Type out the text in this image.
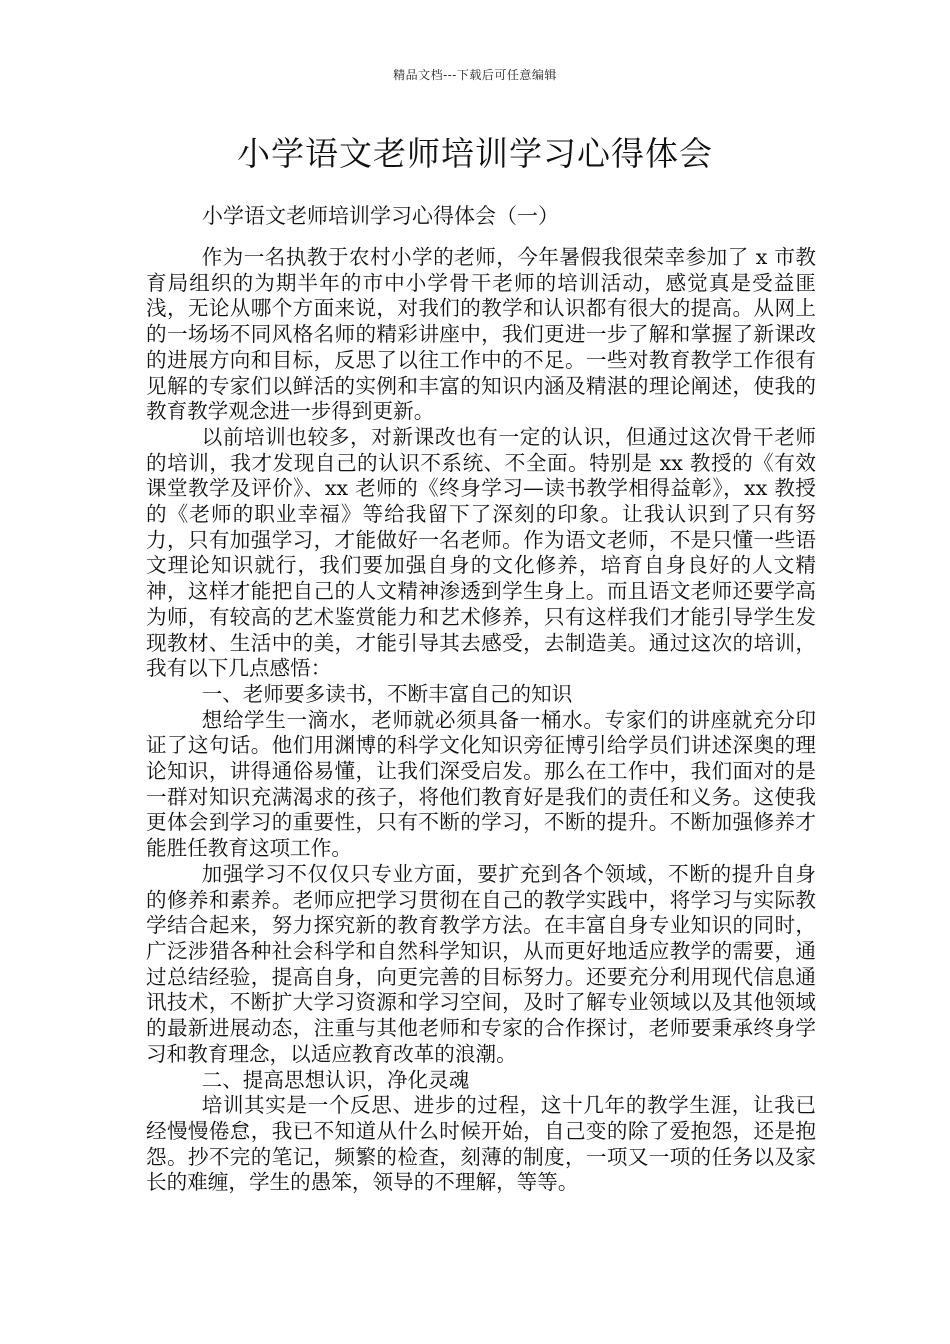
精品文档---下载后可任意编辑
小学语文老师培训学习心得体会
小学语文老师培训学习心得体会（一）

作为一名执教于农村小学的老师，今年暑假我很荣幸参加了 x 市教育局组织的为期半年的市中小学骨干老师的培训活动，感觉真是受益匪浅，无论从哪个方面来说，对我们的教学和认识都有很大的提高。从网上的一场场不同风格名师的精彩讲座中，我们更进一步了解和掌握了新课改的进展方向和目标，反思了以往工作中的不足。一些对教育教学工作很有见解的专家们以鲜活的实例和丰富的知识内涵及精湛的理论阐述，使我的教育教学观念进一步得到更新。

以前培训也较多，对新课改也有一定的认识，但通过这次骨干老师的培训，我才发现自己的认识不系统、不全面。特别是 xx 教授的《有效课堂教学及评价》、xx 老师的《终身学习—读书教学相得益彰》，xx 教授的《老师的职业幸福》等给我留下了深刻的印象。让我认识到了只有努力，只有加强学习，才能做好一名老师。作为语文老师，不是只懂一些语文理论知识就行，我们要加强自身的文化修养，培育自身良好的人文精神，这样才能把自己的人文精神渗透到学生身上。而且语文老师还要学高为师，有较高的艺术鉴赏能力和艺术修养，只有这样我们才能引导学生发现教材、生活中的美，才能引导其去感受，去制造美。通过这次的培训，我有以下几点感悟：

一、老师要多读书，不断丰富自己的知识

想给学生一滴水，老师就必须具备一桶水。专家们的讲座就充分印证了这句话。他们用渊博的科学文化知识旁征博引给学员们讲述深奥的理论知识，讲得通俗易懂，让我们深受启发。那么在工作中，我们面对的是一群对知识充满渴求的孩子，将他们教育好是我们的责任和义务。这使我更体会到学习的重要性，只有不断的学习，不断的提升。不断加强修养才能胜任教育这项工作。

加强学习不仅仅只专业方面，要扩充到各个领域，不断的提升自身的修养和素养。老师应把学习贯彻在自己的教学实践中，将学习与实际教学结合起来，努力探究新的教育教学方法。在丰富自身专业知识的同时，广泛涉猎各种社会科学和自然科学知识，从而更好地适应教学的需要，通过总结经验，提高自身，向更完善的目标努力。还要充分利用现代信息通讯技术，不断扩大学习资源和学习空间，及时了解专业领域以及其他领域的最新进展动态，注重与其他老师和专家的合作探讨，老师要秉承终身学习和教育理念，以适应教育改革的浪潮。

二、提高思想认识，净化灵魂

培训其实是一个反思、进步的过程，这十几年的教学生涯，让我已经慢慢倦怠，我已不知道从什么时候开始，自己变的除了爱抱怨，还是抱怨。抄不完的笔记，频繁的检查，刻薄的制度，一项又一项的任务以及家长的难缠，学生的愚笨，领导的不理解，等等。
